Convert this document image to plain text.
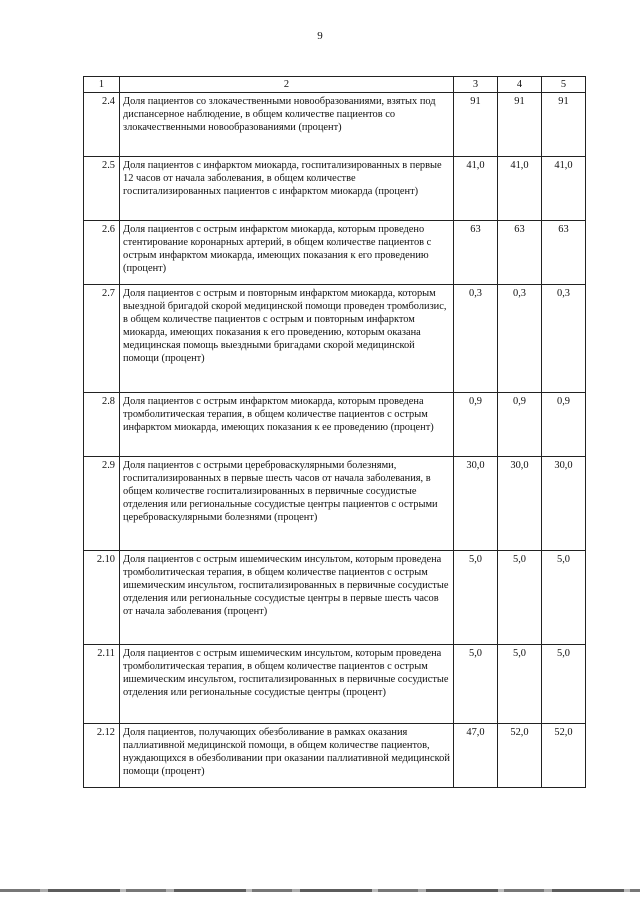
9
1	2	3	4	5
2.4	Доля пациентов со злокачественными новообразованиями, взятых под диспансерное наблюдение, в общем количестве пациентов со злокачественными новообразованиями (процент)	91	91	91
2.5	Доля пациентов с инфарктом миокарда, госпитализированных в первые 12 часов от начала заболевания, в общем количестве госпитализированных пациентов с инфарктом миокарда (процент)	41,0	41,0	41,0
2.6	Доля пациентов с острым инфарктом миокарда, которым проведено стентирование коронарных артерий, в общем количестве пациентов с острым инфарктом миокарда, имеющих показания к его проведению (процент)	63	63	63
2.7	Доля пациентов с острым и повторным инфарктом миокарда, которым выездной бригадой скорой медицинской помощи проведен тромболизис, в общем количестве пациентов с острым и повторным инфарктом миокарда, имеющих показания к его проведению, которым оказана медицинская помощь выездными бригадами скорой медицинской помощи (процент)	0,3	0,3	0,3
2.8	Доля пациентов с острым инфарктом миокарда, которым проведена тромболитическая терапия, в общем количестве пациентов с острым инфарктом миокарда, имеющих показания к ее проведению (процент)	0,9	0,9	0,9
2.9	Доля пациентов с острыми цереброваскулярными болезнями, госпитализированных в первые шесть часов от начала заболевания, в общем количестве госпитализированных в первичные сосудистые отделения или региональные сосудистые центры пациентов с острыми цереброваскулярными болезнями (процент)	30,0	30,0	30,0
2.10	Доля пациентов с острым ишемическим инсультом, которым проведена тромболитическая терапия, в общем количестве пациентов с острым ишемическим инсультом, госпитализированных в первичные сосудистые отделения или региональные сосудистые центры в первые шесть часов от начала заболевания (процент)	5,0	5,0	5,0
2.11	Доля пациентов с острым ишемическим инсультом, которым проведена тромболитическая терапия, в общем количестве пациентов с острым ишемическим инсультом, госпитализированных в первичные сосудистые отделения или региональные сосудистые центры (процент)	5,0	5,0	5,0
2.12	Доля пациентов, получающих обезболивание в рамках оказания паллиативной медицинской помощи, в общем количестве пациентов, нуждающихся в обезболивании при оказании паллиативной медицинской помощи (процент)	47,0	52,0	52,0
